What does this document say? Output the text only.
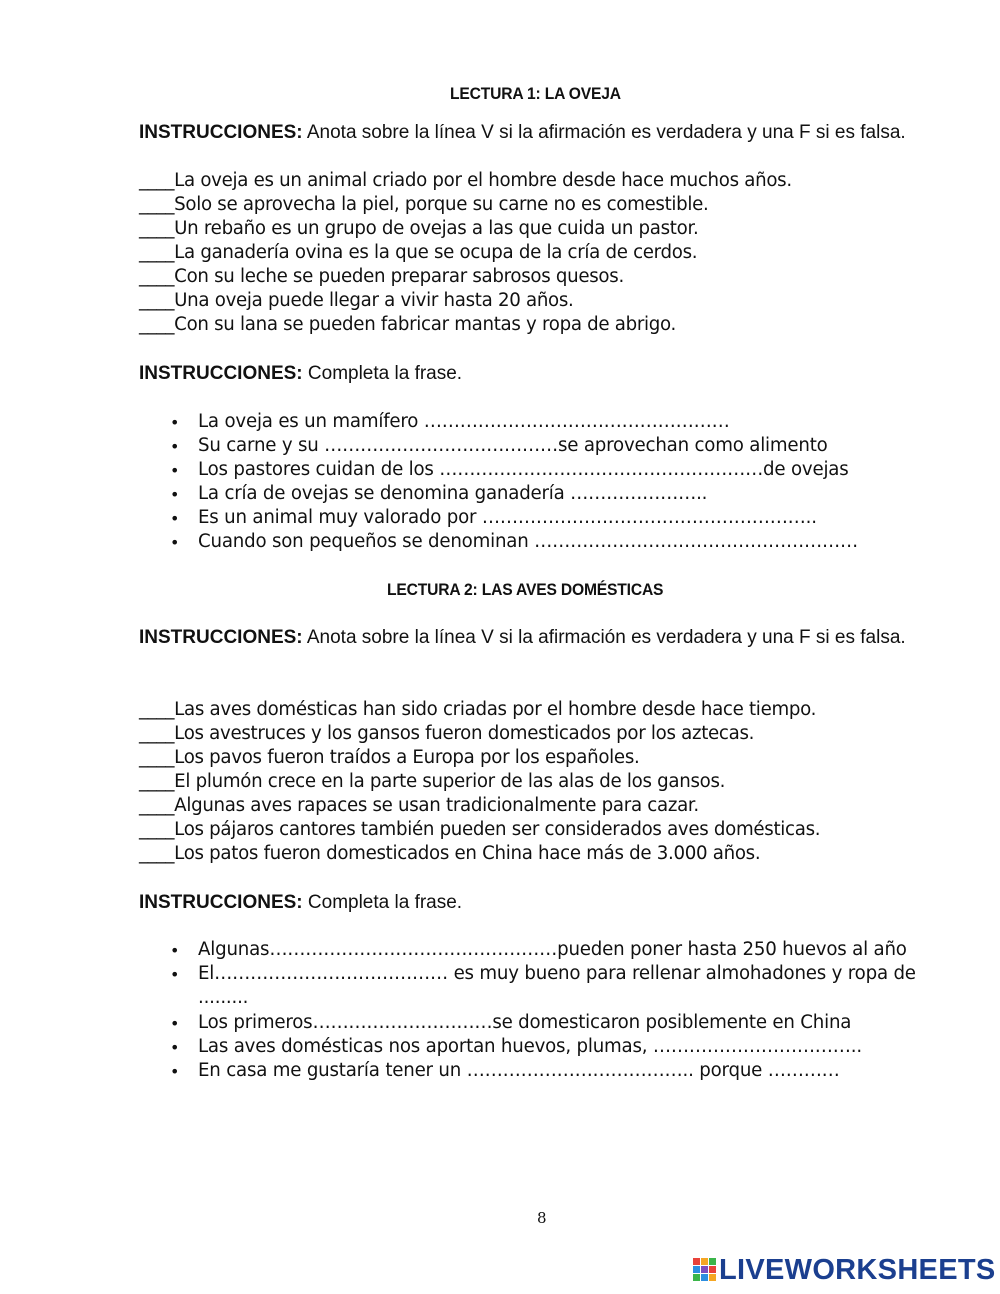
LECTURA 1: LA OVEJA
INSTRUCCIONES: Anota sobre la línea V si la afirmación es verdadera y una F si es falsa.
____La oveja es un animal criado por el hombre desde hace muchos años.
____Solo se aprovecha la piel, porque su carne no es comestible.
____Un rebaño es un grupo de ovejas a las que cuida un pastor.
____La ganadería ovina es la que se ocupa de la cría de cerdos.
____Con su leche se pueden preparar sabrosos quesos.
____Una oveja puede llegar a vivir hasta 20 años.
____Con su lana se pueden fabricar mantas y ropa de abrigo.
INSTRUCCIONES: Completa la frase.
• La oveja es un mamífero ……………………………………………
• Su carne y su …………………………………se aprovechan como alimento
• Los pastores cuidan de los ………………………………………………de ovejas
• La cría de ovejas se denomina ganadería …………………..
• Es un animal muy valorado por ………………………………………………..
• Cuando son pequeños se denominan ………………………………………………
LECTURA 2: LAS AVES DOMÉSTICAS
INSTRUCCIONES: Anota sobre la línea V si la afirmación es verdadera y una F si es falsa.
____Las aves domésticas han sido criadas por el hombre desde hace tiempo.
____Los avestruces y los gansos fueron domesticados por los aztecas.
____Los pavos fueron traídos a Europa por los españoles.
____El plumón crece en la parte superior de las alas de los gansos.
____Algunas aves rapaces se usan tradicionalmente para cazar.
____Los pájaros cantores también pueden ser considerados aves domésticas.
____Los patos fueron domesticados en China hace más de 3.000 años.
INSTRUCCIONES: Completa la frase.
• Algunas…………………………………………pueden poner hasta 250 huevos al año
• El………………………………… es muy bueno para rellenar almohadones y ropa de
.........
• Los primeros…………………………se domesticaron posiblemente en China
• Las aves domésticas nos aportan huevos, plumas, ……………………………..
• En casa me gustaría tener un ……………………………….. porque …………
8
LIVEWORKSHEETS
